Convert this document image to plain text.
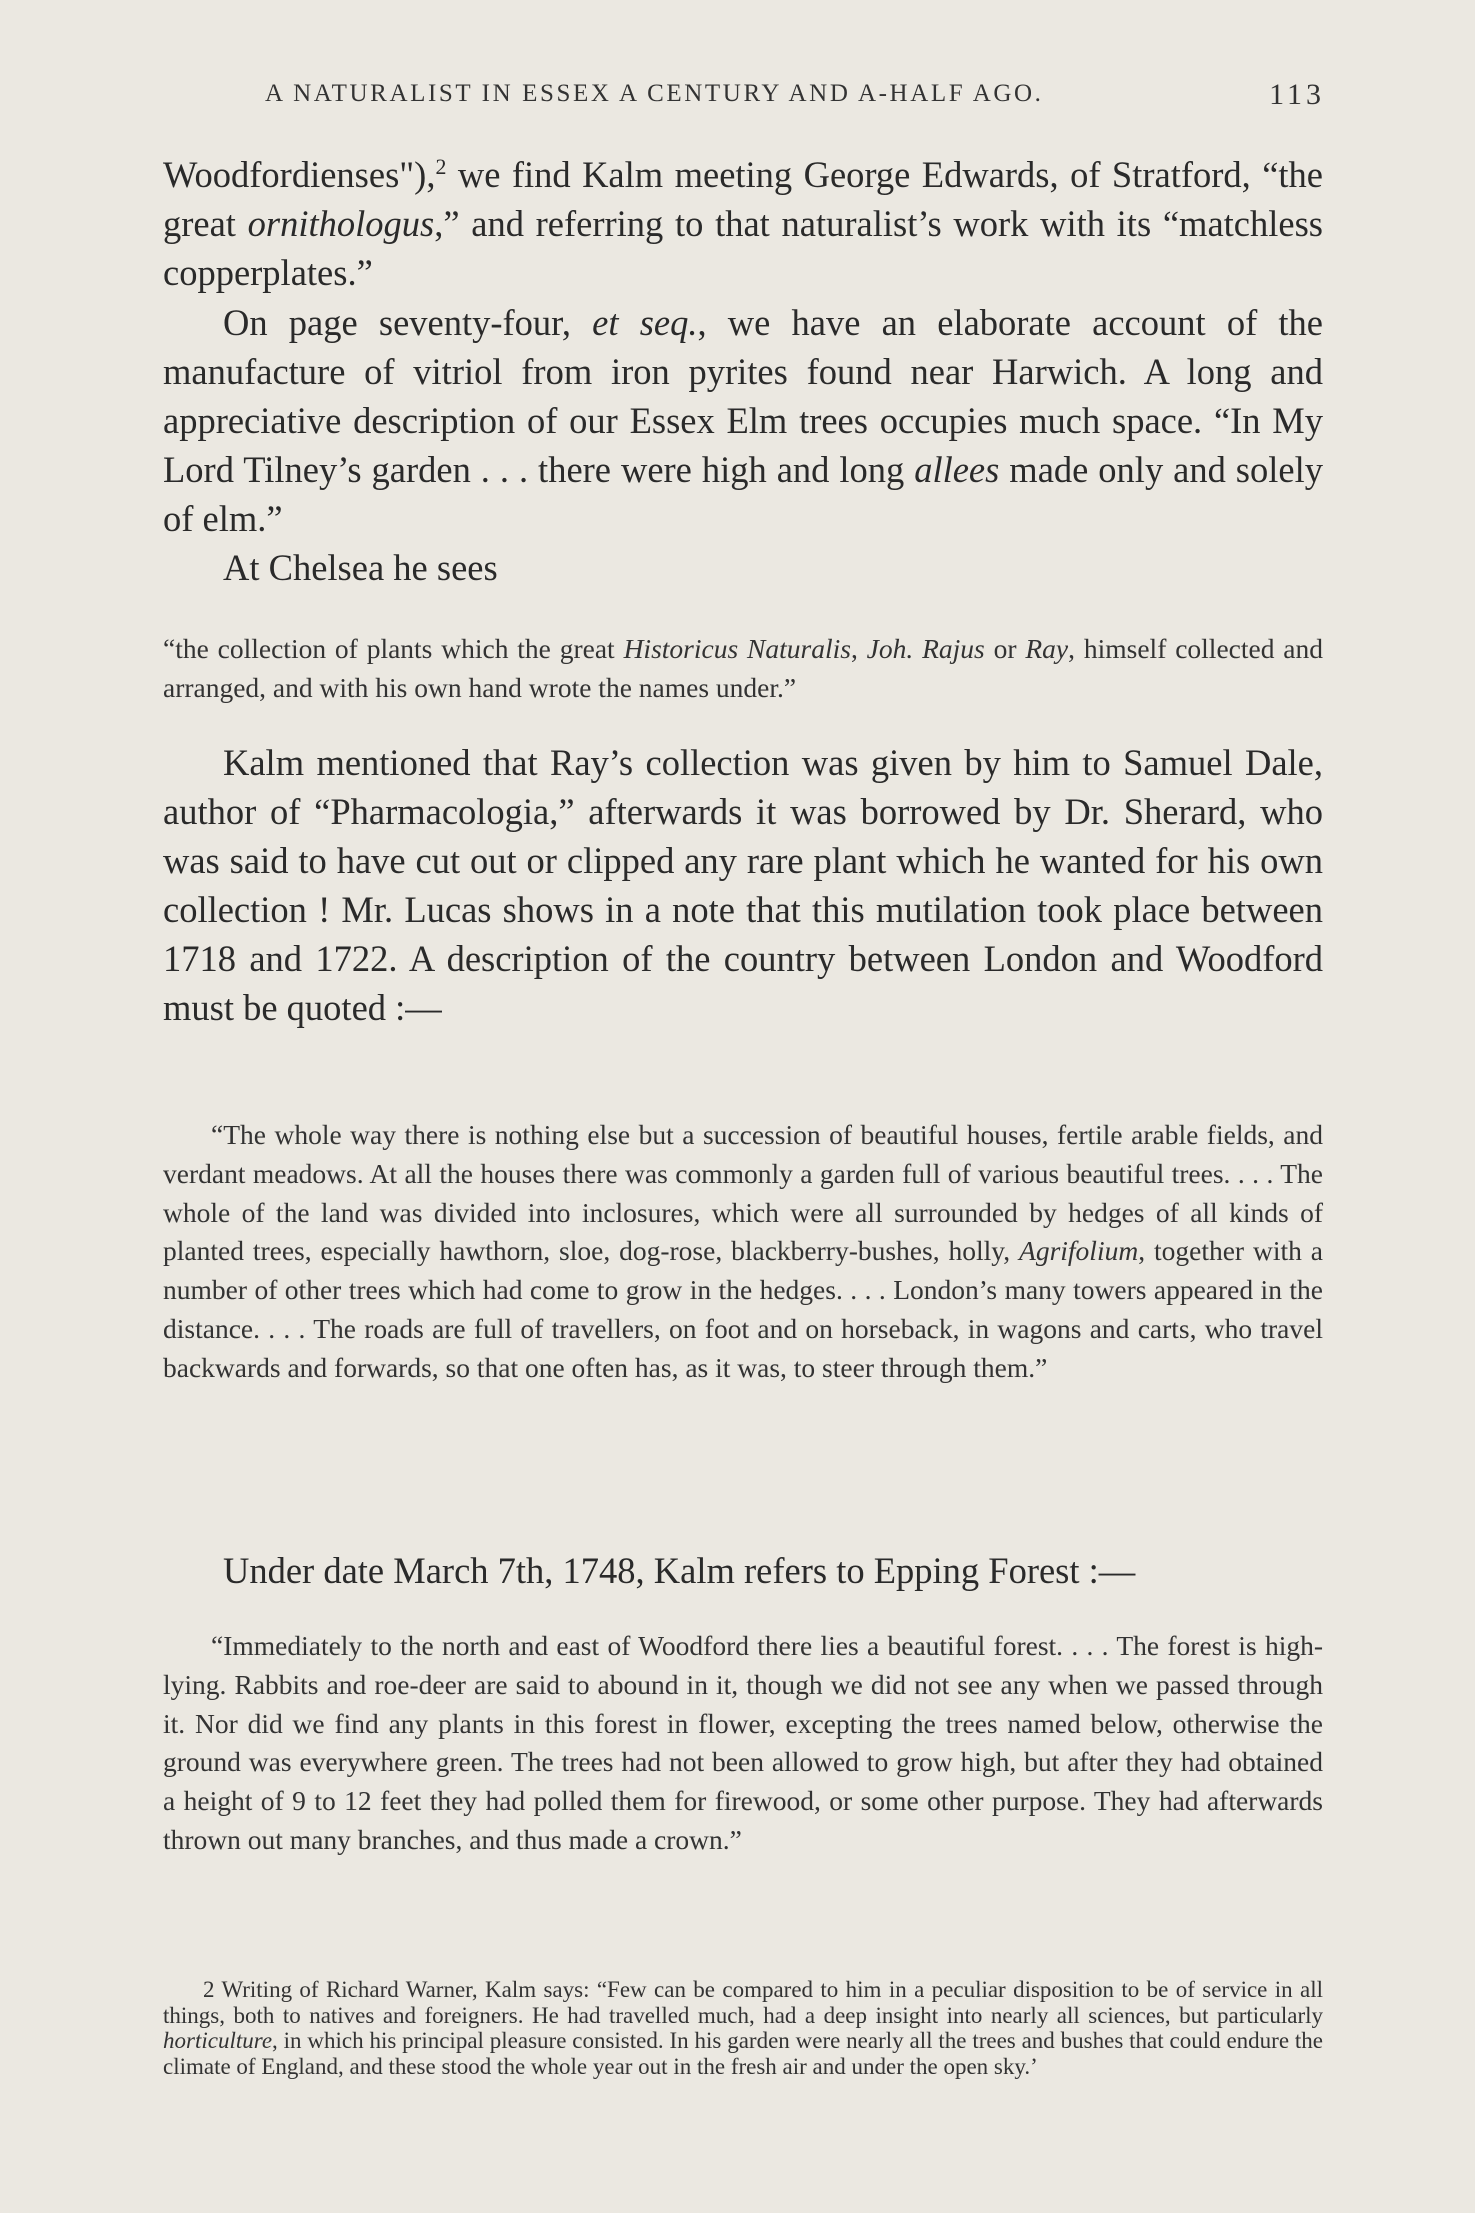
A NATURALIST IN ESSEX A CENTURY AND A-HALF AGO.	113

Woodfordienses"),$^2$ we find Kalm meeting George Edwards, of Stratford, “the great ornithologus,” and referring to that naturalist’s work with its “matchless copperplates.”

On page seventy-four, et seq., we have an elaborate account of the manufacture of vitriol from iron pyrites found near Harwich. A long and appreciative description of our Essex Elm trees occupies much space. “In My Lord Tilney’s garden . . . there were high and long allees made only and solely of elm.”

At Chelsea he sees

“the collection of plants which the great Historicus Naturalis, Joh. Rajus or Ray, himself collected and arranged, and with his own hand wrote the names under.”

Kalm mentioned that Ray’s collection was given by him to Samuel Dale, author of “Pharmacologia,” afterwards it was borrowed by Dr. Sherard, who was said to have cut out or clipped any rare plant which he wanted for his own collection ! Mr. Lucas shows in a note that this mutilation took place between 1718 and 1722. A description of the country between London and Woodford must be quoted :—

“The whole way there is nothing else but a succession of beautiful houses, fertile arable fields, and verdant meadows. At all the houses there was commonly a garden full of various beautiful trees. . . . The whole of the land was divided into inclosures, which were all surrounded by hedges of all kinds of planted trees, especially hawthorn, sloe, dog-rose, blackberry-bushes, holly, Agrifolium, together with a number of other trees which had come to grow in the hedges. . . . London’s many towers appeared in the distance. . . . The roads are full of travellers, on foot and on horseback, in wagons and carts, who travel backwards and forwards, so that one often has, as it was, to steer through them.”

Under date March 7th, 1748, Kalm refers to Epping Forest :—

“Immediately to the north and east of Woodford there lies a beautiful forest. . . . The forest is high-lying. Rabbits and roe-deer are said to abound in it, though we did not see any when we passed through it. Nor did we find any plants in this forest in flower, excepting the trees named below, otherwise the ground was everywhere green. The trees had not been allowed to grow high, but after they had obtained a height of 9 to 12 feet they had polled them for firewood, or some other purpose. They had afterwards thrown out many branches, and thus made a crown.”

2 Writing of Richard Warner, Kalm says: “Few can be compared to him in a peculiar disposition to be of service in all things, both to natives and foreigners. He had travelled much, had a deep insight into nearly all sciences, but particularly horticulture, in which his principal pleasure consisted. In his garden were nearly all the trees and bushes that could endure the climate of England, and these stood the whole year out in the fresh air and under the open sky.’
